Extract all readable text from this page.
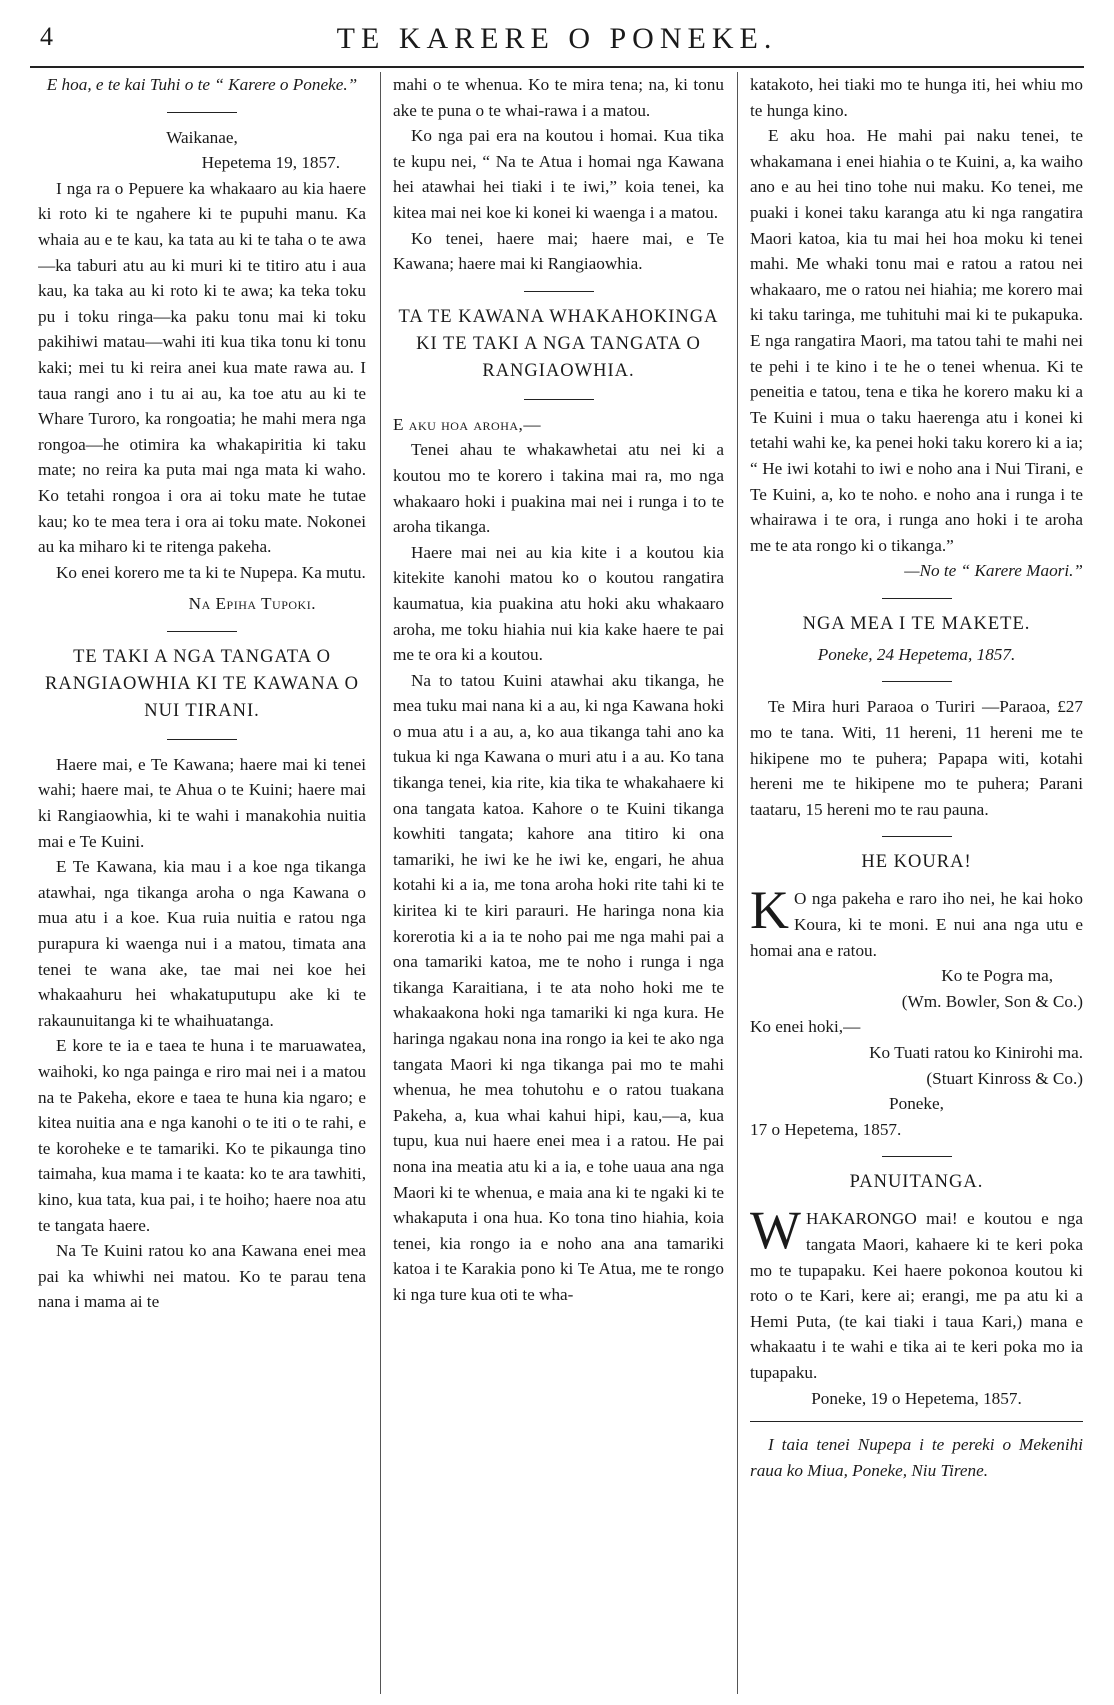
4	TE KARERE O PONEKE.

E hoa, e te kai Tuhi o te “ Karere o Poneke.”

Waikanae,

Hepetema 19, 1857.

I nga ra o Pepuere ka whakaaro au kia haere ki roto ki te ngahere ki te pupuhi manu. Ka whaia au e te kau, ka tata au ki te taha o te awa—ka taburi atu au ki muri ki te titiro atu i aua kau, ka taka au ki roto ki te awa; ka teka toku pu i toku ringa—ka paku tonu mai ki toku pakihiwi matau—wahi iti kua tika tonu ki tonu kaki; mei tu ki reira anei kua mate rawa au. I taua rangi ano i tu ai au, ka toe atu au ki te Whare Turoro, ka rongoatia; he mahi mera nga rongoa—he otimira ka whakapiritia ki taku mate; no reira ka puta mai nga mata ki waho. Ko tetahi rongoa i ora ai toku mate he tutae kau; ko te mea tera i ora ai toku mate. Nokonei au ka miharo ki te ritenga pakeha.

Ko enei korero me ta ki te Nupepa. Ka mutu.

Na Epiha Tupoki.

TE TAKI A NGA TANGATA O RANGIAOWHIA KI TE KAWANA O NUI TIRANI.

Haere mai, e Te Kawana; haere mai ki tenei wahi; haere mai, te Ahua o te Kuini; haere mai ki Rangiaowhia, ki te wahi i manakohia nuitia mai e Te Kuini.

E Te Kawana, kia mau i a koe nga tikanga atawhai, nga tikanga aroha o nga Kawana o mua atu i a koe. Kua ruia nuitia e ratou nga purapura ki waenga nui i a matou, timata ana tenei te wana ake, tae mai nei koe hei whakaahuru hei whakatuputupu ake ki te rakaunuitanga ki te whaihuatanga.

E kore te ia e taea te huna i te maruawatea, waihoki, ko nga painga e riro mai nei i a matou na te Pakeha, ekore e taea te huna kia ngaro; e kitea nuitia ana e nga kanohi o te iti o te rahi, e te koroheke e te tamariki. Ko te pikaunga tino taimaha, kua mama i te kaata: ko te ara tawhiti, kino, kua tata, kua pai, i te hoiho; haere noa atu te tangata haere.

Na Te Kuini ratou ko ana Kawana enei mea pai ka whiwhi nei matou. Ko te parau tena nana i mama ai te

mahi o te whenua. Ko te mira tena; na, ki tonu ake te puna o te whai-rawa i a matou.

Ko nga pai era na koutou i homai. Kua tika te kupu nei, “ Na te Atua i homai nga Kawana hei atawhai hei tiaki i te iwi,” koia tenei, ka kitea mai nei koe ki konei ki waenga i a matou.

Ko tenei, haere mai; haere mai, e Te Kawana; haere mai ki Rangiaowhia.

TA TE KAWANA WHAKAHOKINGA KI TE TAKI A NGA TANGATA O RANGIAOWHIA.

E aku hoa aroha,—

Tenei ahau te whakawhetai atu nei ki a koutou mo te korero i takina mai ra, mo nga whakaaro hoki i puakina mai nei i runga i to te aroha tikanga.

Haere mai nei au kia kite i a koutou kia kitekite kanohi matou ko o koutou rangatira kaumatua, kia puakina atu hoki aku whakaaro aroha, me toku hiahia nui kia kake haere te pai me te ora ki a koutou.

Na to tatou Kuini atawhai aku tikanga, he mea tuku mai nana ki a au, ki nga Kawana hoki o mua atu i a au, a, ko aua tikanga tahi ano ka tukua ki nga Kawana o muri atu i a au. Ko tana tikanga tenei, kia rite, kia tika te whakahaere ki ona tangata katoa. Kahore o te Kuini tikanga kowhiti tangata; kahore ana titiro ki ona tamariki, he iwi ke he iwi ke, engari, he ahua kotahi ki a ia, me tona aroha hoki rite tahi ki te kiritea ki te kiri parauri. He haringa nona kia korerotia ki a ia te noho pai me nga mahi pai a ona tamariki katoa, me te noho i runga i nga tikanga Karaitiana, i te ata noho hoki me te whakaakona hoki nga tamariki ki nga kura. He haringa ngakau nona ina rongo ia kei te ako nga tangata Maori ki nga tikanga pai mo te mahi whenua, he mea tohutohu e o ratou tuakana Pakeha, a, kua whai kahui hipi, kau,—a, kua tupu, kua nui haere enei mea i a ratou. He pai nona ina meatia atu ki a ia, e tohe uaua ana nga Maori ki te whenua, e maia ana ki te ngaki ki te whakaputa i ona hua. Ko tona tino hiahia, koia tenei, kia rongo ia e noho ana ana tamariki katoa i te Karakia pono ki Te Atua, me te rongo ki nga ture kua oti te wha-

katakoto, hei tiaki mo te hunga iti, hei whiu mo te hunga kino.

E aku hoa. He mahi pai naku tenei, te whakamana i enei hiahia o te Kuini, a, ka waiho ano e au hei tino tohe nui maku. Ko tenei, me puaki i konei taku karanga atu ki nga rangatira Maori katoa, kia tu mai hei hoa moku ki tenei mahi. Me whaki tonu mai e ratou a ratou nei whakaaro, me o ratou nei hiahia; me korero mai ki taku taringa, me tuhituhi mai ki te pukapuka. E nga rangatira Maori, ma tatou tahi te mahi nei te pehi i te kino i te he o tenei whenua. Ki te peneitia e tatou, tena e tika he korero maku ki a Te Kuini i mua o taku haerenga atu i konei ki tetahi wahi ke, ka penei hoki taku korero ki a ia; “ He iwi kotahi to iwi e noho ana i Nui Tirani, e Te Kuini, a, ko te noho. e noho ana i runga i te whairawa i te ora, i runga ano hoki i te aroha me te ata rongo ki o tikanga.”

—No te “ Karere Maori.”

NGA MEA I TE MAKETE.

Poneke, 24 Hepetema, 1857.

Te Mira huri Paraoa o Turiri —Paraoa, £27 mo te tana. Witi, 11 hereni, 11 hereni me te hikipene mo te puhera; Papapa witi, kotahi hereni me te hikipene mo te puhera; Parani taataru, 15 hereni mo te rau pauna.

HE KOURA!

K O nga pakeha e raro iho nei, he kai hoko Koura, ki te moni. E nui ana nga utu e homai ana e ratou.

Ko te Pogra ma,

(Wm. Bowler, Son & Co.)

Ko enei hoki,—

Ko Tuati ratou ko Kinirohi ma.

(Stuart Kinross & Co.)

Poneke,

17 o Hepetema, 1857.

PANUITANGA.

W HAKARONGO mai! e koutou e nga tangata Maori, kahaere ki te keri poka mo te tupapaku. Kei haere pokonoa koutou ki roto o te Kari, kere ai; erangi, me pa atu ki a Hemi Puta, (te kai tiaki i taua Kari,) mana e whakaatu i te wahi e tika ai te keri poka mo ia tupapaku.

Poneke, 19 o Hepetema, 1857.

I taia tenei Nupepa i te pereki o Mekenihi raua ko Miua, Poneke, Niu Tirene.
